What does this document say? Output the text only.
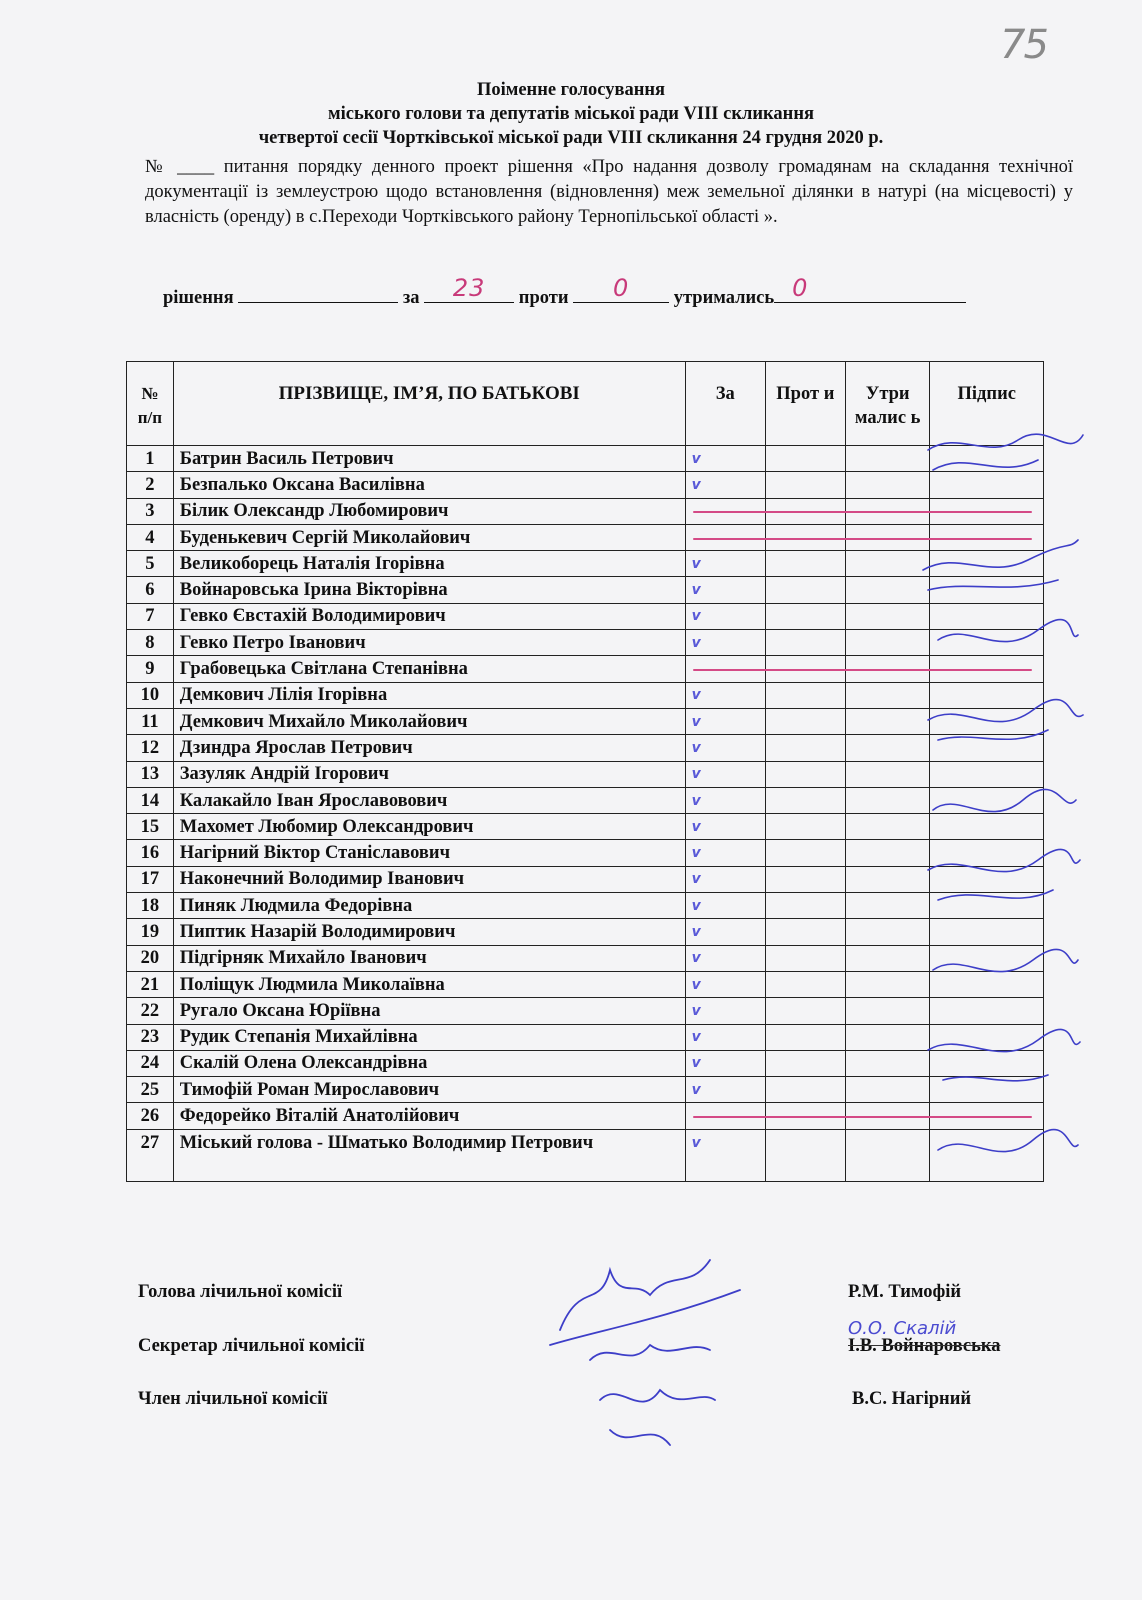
75
Поіменне голосування
міського голови та депутатів міської ради VIII скликання
четвертої сесії Чортківської міської ради VIII скликання 24 грудня 2020 р.
№ ____ питання порядку денного проект рішення «Про надання дозволу громадянам на складання технічної документації із землеустрою щодо встановлення (відновлення) меж земельної ділянки в натурі (на місцевості) у власність (оренду) в с.Переходи Чортківського району Тернопільської області ».
рішення	за	23	проти	0	утримались 0
№ п/п	ПРІЗВИЩЕ, ІМ’Я, ПО БАТЬКОВІ	За	Прот и	Утри малис ь	Підпис
1	Батрин Василь Петрович	v			
2	Безпалько Оксана Василівна	v			
3	Білик Олександр Любомирович				
4	Буденькевич Сергій Миколайович				
5	Великоборець Наталія Ігорівна	v			
6	Войнаровська Ірина Вікторівна	v			
7	Гевко Євстахій Володимирович	v			
8	Гевко Петро Іванович	v			
9	Грабовецька Світлана Степанівна				
10	Демкович Лілія Ігорівна	v			
11	Демкович Михайло Миколайович	v			
12	Дзиндра Ярослав Петрович	v			
13	Зазуляк Андрій Ігорович	v			
14	Калакайло Іван Ярославовович	v			
15	Махомет Любомир Олександрович	v			
16	Нагірний Віктор Станіславович	v			
17	Наконечний Володимир Іванович	v			
18	Пиняк Людмила Федорівна	v			
19	Пиптик Назарій Володимирович	v			
20	Підгірняк Михайло Іванович	v			
21	Поліщук Людмила Миколаївна	v			
22	Ругало Оксана Юріївна	v			
23	Рудик Степанія Михайлівна	v			
24	Скалій Олена Олександрівна	v			
25	Тимофій Роман Мирославович	v			
26	Федорейко Віталій Анатолійович				
27	Міський голова - Шматько Володимир Петрович	v			
Голова лічильної комісії	Р.М. Тимофій
Секретар лічильної комісії	І.В. Войнаровська
О.О. Скалій
Член лічильної комісії	В.С. Нагірний
